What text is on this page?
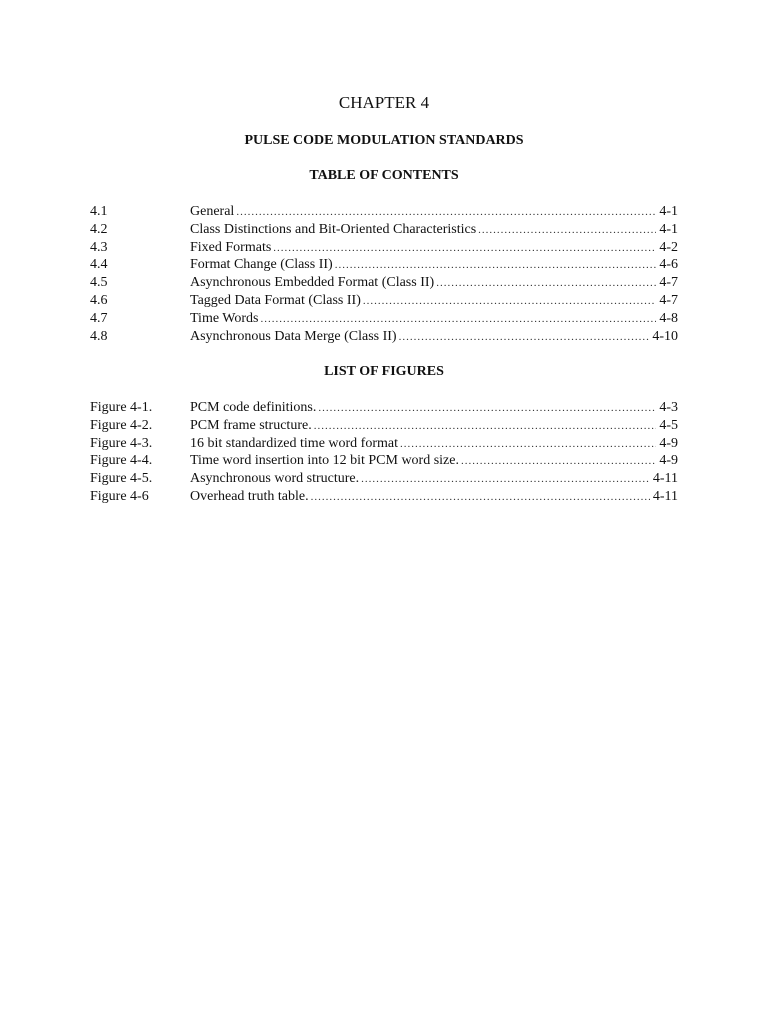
CHAPTER 4
PULSE CODE MODULATION STANDARDS
TABLE OF CONTENTS
4.1	General .....	4-1
4.2	Class Distinctions and Bit-Oriented Characteristics .....	4-1
4.3	Fixed Formats .....	4-2
4.4	Format Change (Class II) .....	4-6
4.5	Asynchronous Embedded Format (Class II) .....	4-7
4.6	Tagged Data Format (Class II) .....	4-7
4.7	Time Words .....	4-8
4.8	Asynchronous Data Merge (Class II) .....	4-10
LIST OF FIGURES
Figure 4-1.	PCM code definitions. .....	4-3
Figure 4-2.	PCM frame structure. .....	4-5
Figure 4-3.	16 bit standardized time word format .....	4-9
Figure 4-4.	Time word insertion into 12 bit PCM word size. .....	4-9
Figure 4-5.	Asynchronous word structure. .....	4-11
Figure 4-6	Overhead truth table. .....	4-11
